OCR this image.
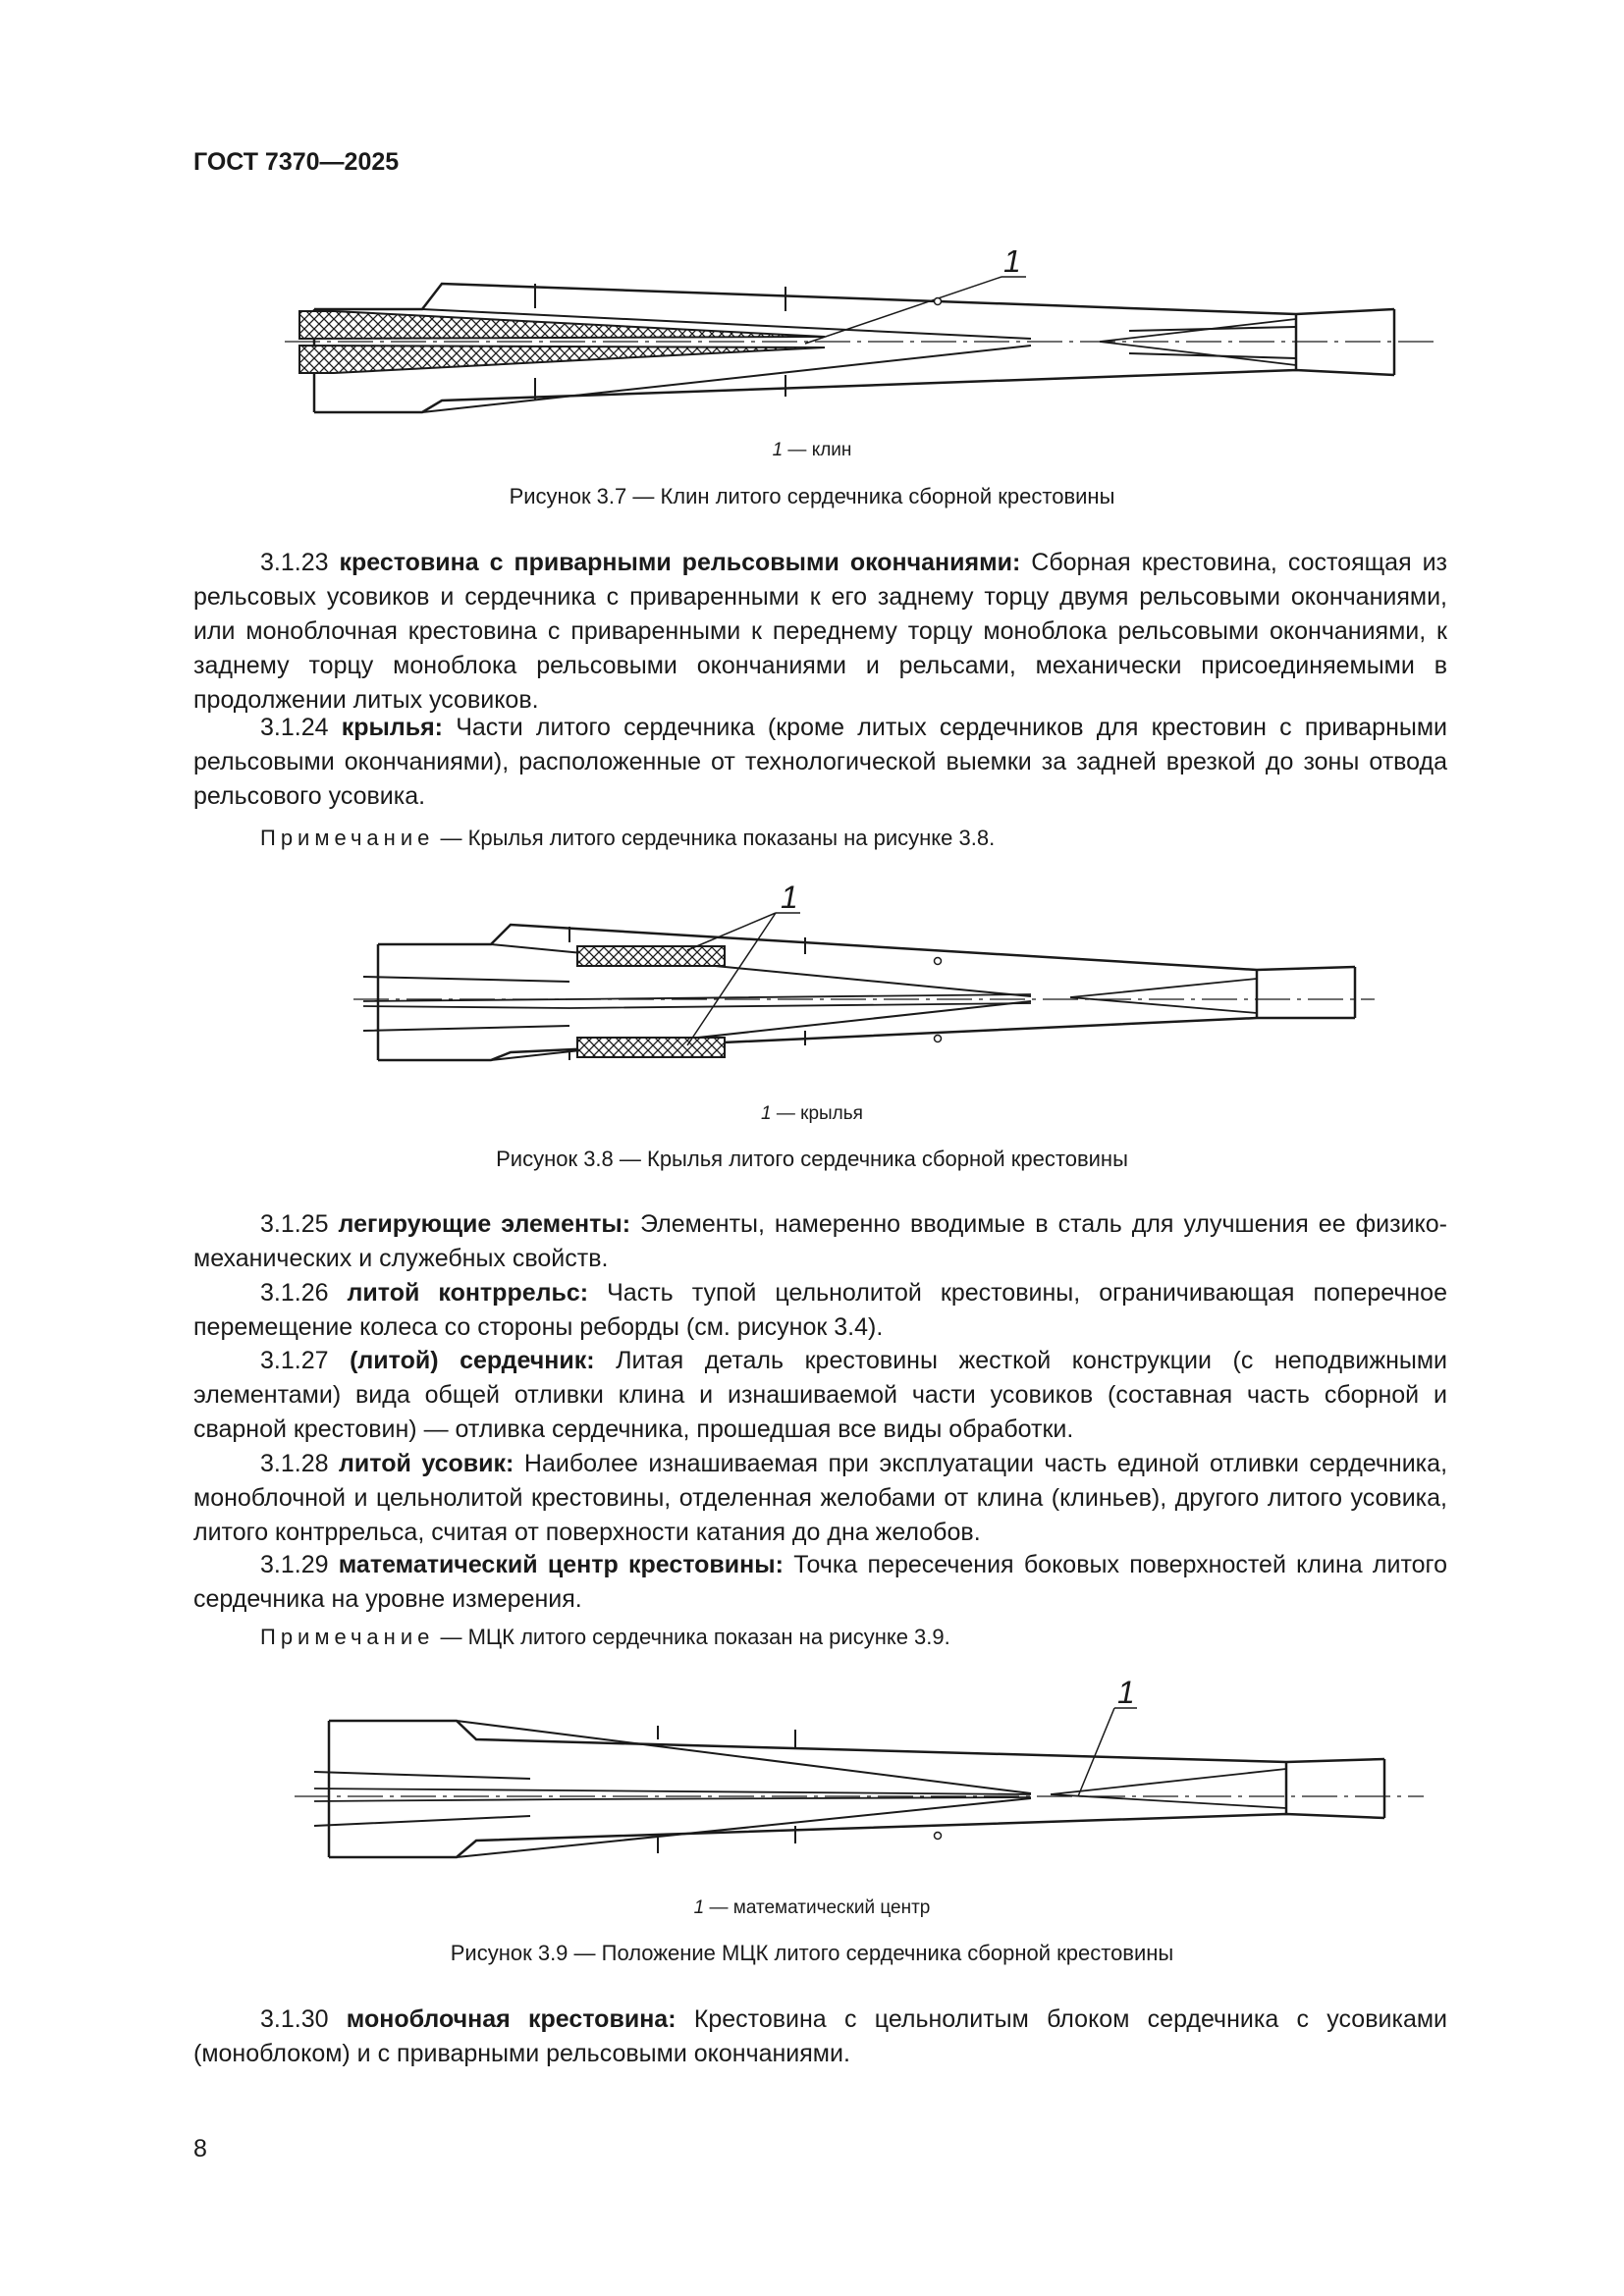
ГОСТ 7370—2025
1
1 — клин
Рисунок 3.7 — Клин литого сердечника сборной крестовины

3.1.23 крестовина с приварными рельсовыми окончаниями: Сборная крестовина, состоящая из рельсовых усовиков и сердечника с приваренными к его заднему торцу двумя рельсовыми окончаниями, или моноблочная крестовина с приваренными к переднему торцу моноблока рельсовыми окончаниями, к заднему торцу моноблока рельсовыми окончаниями и рельсами, механически присоединяемыми в продолжении литых усовиков.

3.1.24 крылья: Части литого сердечника (кроме литых сердечников для крестовин с приварными рельсовыми окончаниями), расположенные от технологической выемки за задней врезкой до зоны отвода рельсового усовика.

Примечание — Крылья литого сердечника показаны на рисунке 3.8.
1
1 — крылья
Рисунок 3.8 — Крылья литого сердечника сборной крестовины

3.1.25 легирующие элементы: Элементы, намеренно вводимые в сталь для улучшения ее физико-механических и служебных свойств.

3.1.26 литой контррельс: Часть тупой цельнолитой крестовины, ограничивающая поперечное перемещение колеса со стороны реборды (см. рисунок 3.4).

3.1.27 (литой) сердечник: Литая деталь крестовины жесткой конструкции (с неподвижными элементами) вида общей отливки клина и изнашиваемой части усовиков (составная часть сборной и сварной крестовин) — отливка сердечника, прошедшая все виды обработки.

3.1.28 литой усовик: Наиболее изнашиваемая при эксплуатации часть единой отливки сердечника, моноблочной и цельнолитой крестовины, отделенная желобами от клина (клиньев), другого литого усовика, литого контррельса, считая от поверхности катания до дна желобов.

3.1.29 математический центр крестовины: Точка пересечения боковых поверхностей клина литого сердечника на уровне измерения.

Примечание — МЦК литого сердечника показан на рисунке 3.9.
1
1 — математический центр
Рисунок 3.9 — Положение МЦК литого сердечника сборной крестовины

3.1.30 моноблочная крестовина: Крестовина с цельнолитым блоком сердечника с усовиками (моноблоком) и с приварными рельсовыми окончаниями.

8
